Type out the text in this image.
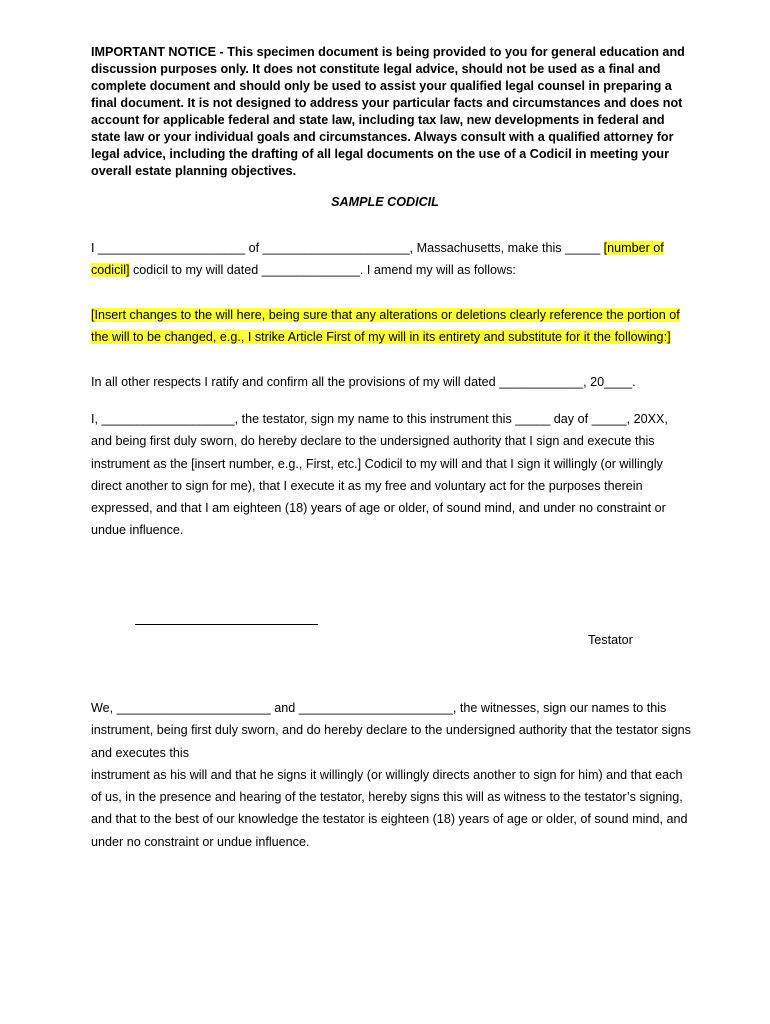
IMPORTANT NOTICE - This specimen document is being provided to you for general education and discussion purposes only. It does not constitute legal advice, should not be used as a final and complete document and should only be used to assist your qualified legal counsel in preparing a final document. It is not designed to address your particular facts and circumstances and does not account for applicable federal and state law, including tax law, new developments in federal and state law or your individual goals and circumstances. Always consult with a qualified attorney for legal advice, including the drafting of all legal documents on the use of a Codicil in meeting your overall estate planning objectives.

SAMPLE CODICIL

I _____________________ of _____________________, Massachusetts, make this _____ [number of
codicil] codicil to my will dated ______________. I amend my will as follows:

[Insert changes to the will here, being sure that any alterations or deletions clearly reference the portion of the will to be changed, e.g., I strike Article First of my will in its entirety and substitute for it the following:]

In all other respects I ratify and confirm all the provisions of my will dated ____________, 20____.

I, ___________________, the testator, sign my name to this instrument this _____ day of _____, 20XX, and being first duly sworn, do hereby declare to the undersigned authority that I sign and execute this instrument as the [insert number, e.g., First, etc.] Codicil to my will and that I sign it willingly (or willingly direct another to sign for me), that I execute it as my free and voluntary act for the purposes therein expressed, and that I am eighteen (18) years of age or older, of sound mind, and under no constraint or undue influence.

Testator

We, ______________________ and ______________________, the witnesses, sign our names to this instrument, being first duly sworn, and do hereby declare to the undersigned authority that the testator signs and executes this
instrument as his will and that he signs it willingly (or willingly directs another to sign for him) and that each of us, in the presence and hearing of the testator, hereby signs this will as witness to the testator’s signing, and that to the best of our knowledge the testator is eighteen (18) years of age or older, of sound mind, and under no constraint or undue influence.
